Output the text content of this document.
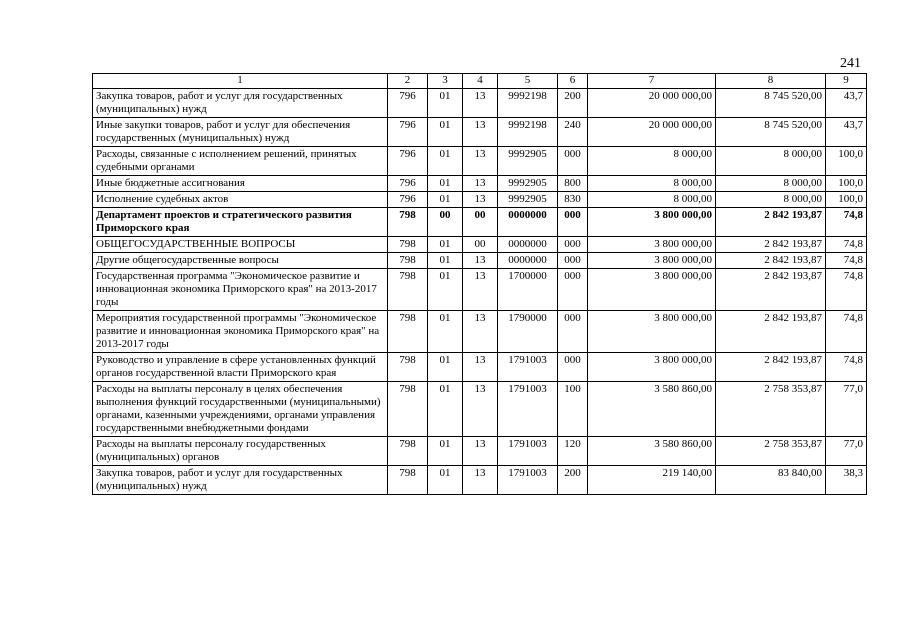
241
1	2	3	4	5	6	7	8	9
Закупка товаров, работ и услуг для государственных (муниципальных) нужд	796	01	13	9992198	200	20 000 000,00	8 745 520,00	43,7
Иные закупки товаров, работ и услуг для обеспечения государственных (муниципальных) нужд	796	01	13	9992198	240	20 000 000,00	8 745 520,00	43,7
Расходы, связанные с исполнением решений, принятых судебными органами	796	01	13	9992905	000	8 000,00	8 000,00	100,0
Иные бюджетные ассигнования	796	01	13	9992905	800	8 000,00	8 000,00	100,0
Исполнение судебных актов	796	01	13	9992905	830	8 000,00	8 000,00	100,0
Департамент проектов и стратегического развития Приморского края	798	00	00	0000000	000	3 800 000,00	2 842 193,87	74,8
ОБЩЕГОСУДАРСТВЕННЫЕ ВОПРОСЫ	798	01	00	0000000	000	3 800 000,00	2 842 193,87	74,8
Другие общегосударственные вопросы	798	01	13	0000000	000	3 800 000,00	2 842 193,87	74,8
Государственная программа "Экономическое развитие и инновационная экономика Приморского края" на 2013-2017 годы	798	01	13	1700000	000	3 800 000,00	2 842 193,87	74,8
Мероприятия государственной программы "Экономическое развитие и инновационная экономика Приморского края" на 2013-2017 годы	798	01	13	1790000	000	3 800 000,00	2 842 193,87	74,8
Руководство и управление в сфере установленных функций органов государственной власти Приморского края	798	01	13	1791003	000	3 800 000,00	2 842 193,87	74,8
Расходы на выплаты персоналу в целях обеспечения выполнения функций государственными (муниципальными) органами, казенными учреждениями, органами управления государственными внебюджетными фондами	798	01	13	1791003	100	3 580 860,00	2 758 353,87	77,0
Расходы на выплаты персоналу государственных (муниципальных) органов	798	01	13	1791003	120	3 580 860,00	2 758 353,87	77,0
Закупка товаров, работ и услуг для государственных (муниципальных) нужд	798	01	13	1791003	200	219 140,00	83 840,00	38,3
